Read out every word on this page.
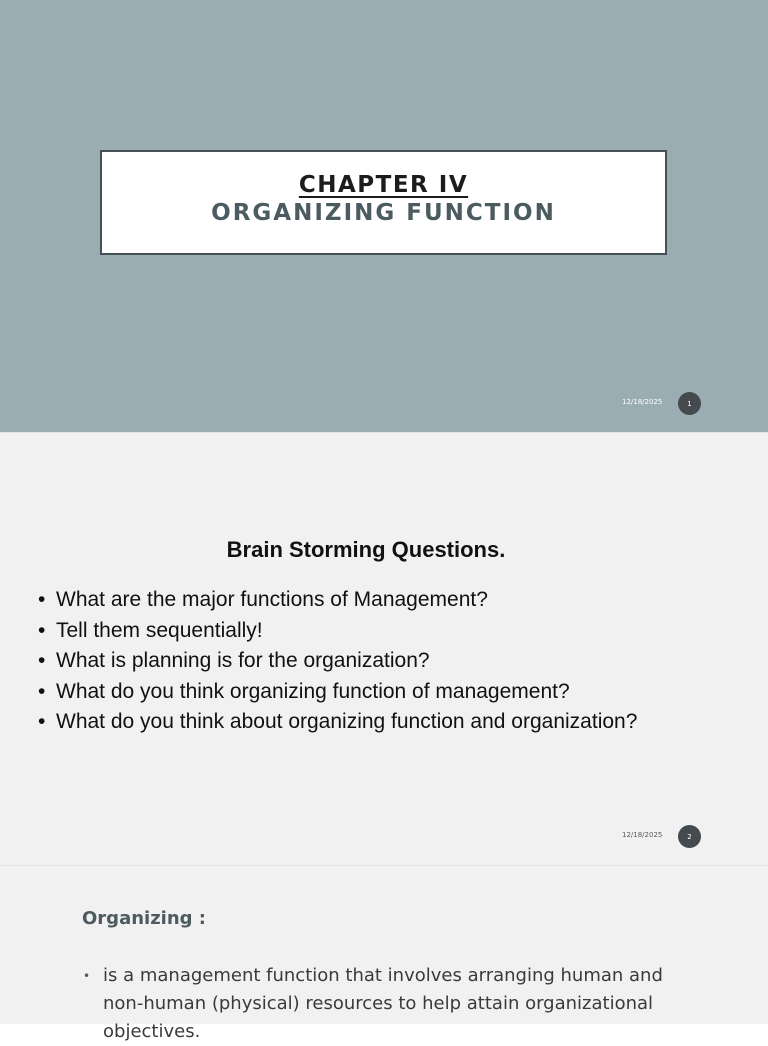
CHAPTER IV
ORGANIZING FUNCTION
12/18/2025	1
Brain Storming Questions.
• What are the major functions of Management?
• Tell them sequentially!
• What is planning is for the organization?
• What do you think organizing function of management?
• What do you think about organizing function and organization?
12/18/2025	2
Organizing :
• is a management function that involves arranging human and non-human (physical) resources to help attain organizational objectives.
